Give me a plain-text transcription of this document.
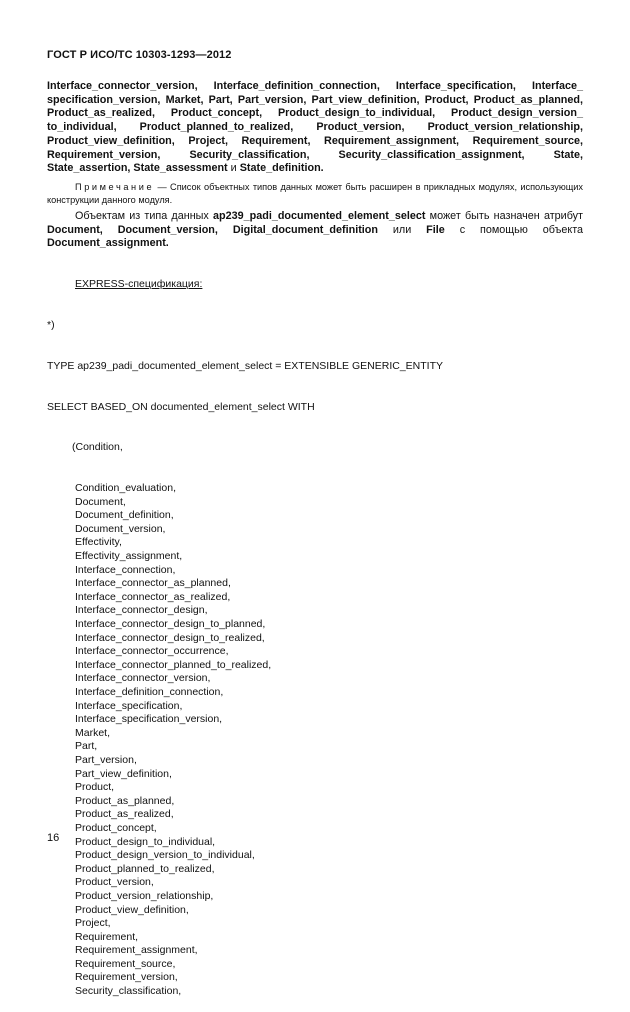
ГОСТ Р ИСО/ТС 10303-1293—2012
Interface_connector_version, Interface_definition_connection, Interface_specification, Interface_ specification_version, Market, Part, Part_version, Part_view_definition, Product, Product_as_planned, Product_as_realized, Product_concept, Product_design_to_individual, Product_design_version_ to_individual, Product_planned_to_realized, Product_version, Product_version_relationship, Product_view_definition, Project, Requirement, Requirement_assignment, Requirement_source, Requirement_version, Security_classification, Security_classification_assignment, State, State_assertion, State_assessment и State_definition.
Примечание — Список объектных типов данных может быть расширен в прикладных модулях, использующих конструкции данного модуля.
Объектам из типа данных ap239_padi_documented_element_select может быть назначен атрибут Document, Document_version, Digital_document_definition или File с помощью объекта Document_assignment.

EXPRESS-спецификация:

*)

TYPE ap239_padi_documented_element_select = EXTENSIBLE GENERIC_ENTITY

SELECT BASED_ON documented_element_select WITH

(Condition,

Condition_evaluation,
Document,
Document_definition,
Document_version,
Effectivity,
Effectivity_assignment,
Interface_connection,
Interface_connector_as_planned,
Interface_connector_as_realized,
Interface_connector_design,
Interface_connector_design_to_planned,
Interface_connector_design_to_realized,
Interface_connector_occurrence,
Interface_connector_planned_to_realized,
Interface_connector_version,
Interface_definition_connection,
Interface_specification,
Interface_specification_version,
Market,
Part,
Part_version,
Part_view_definition,
Product,
Product_as_planned,
Product_as_realized,
Product_concept,
Product_design_to_individual,
Product_design_version_to_individual,
Product_planned_to_realized,
Product_version,
Product_version_relationship,
Product_view_definition,
Project,
Requirement,
Requirement_assignment,
Requirement_source,
Requirement_version,
Security_classification,

16
